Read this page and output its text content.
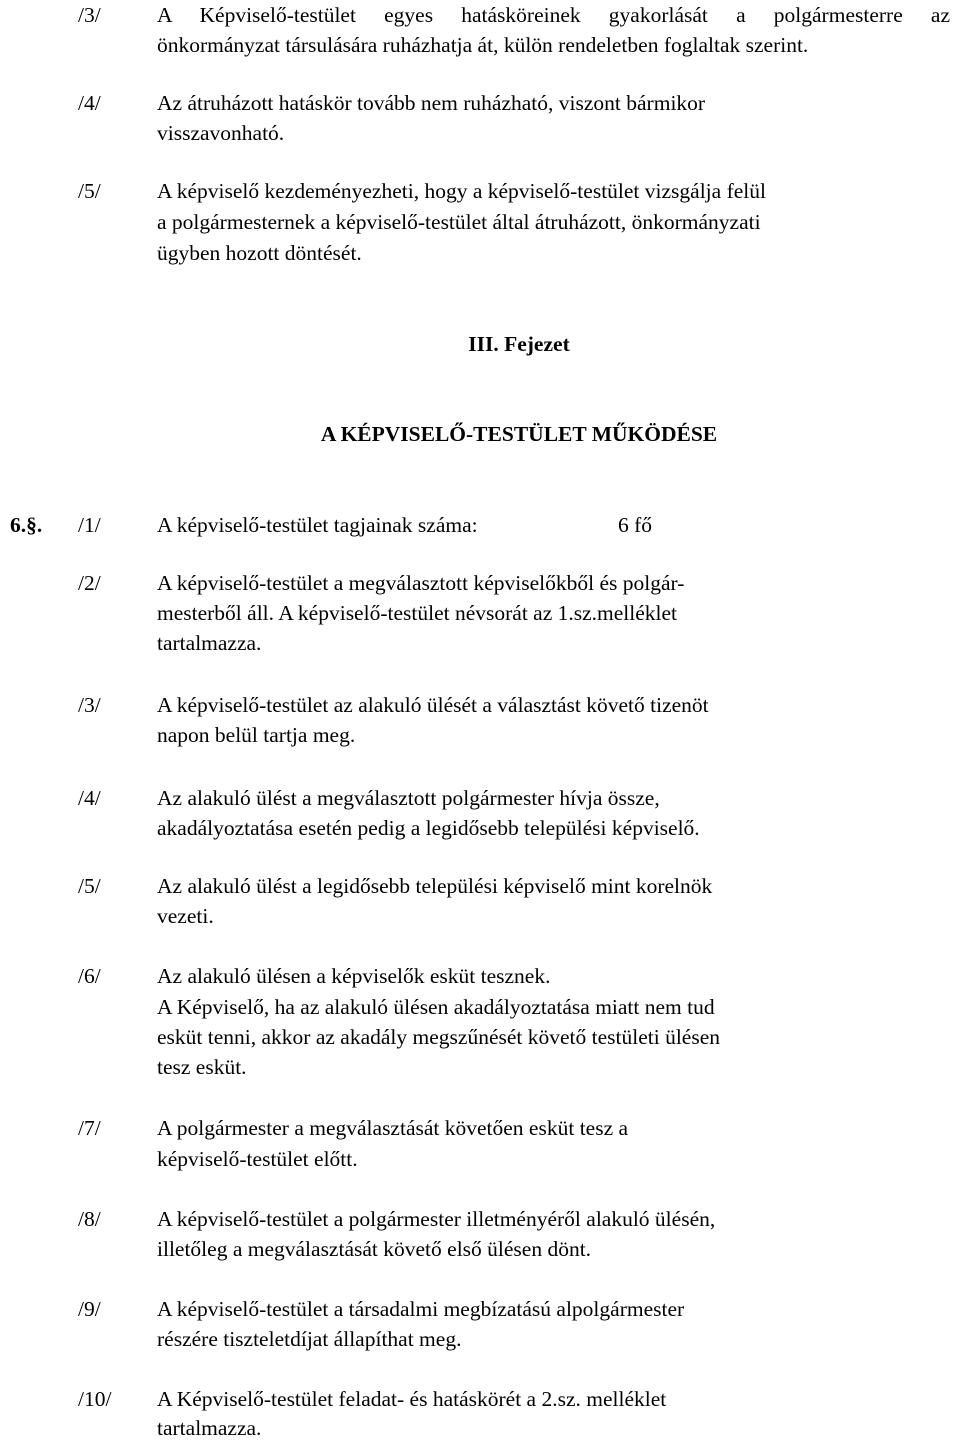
/3/	A Képviselő-testület egyes hatásköreinek gyakorlását a polgármesterre az
önkormányzat társulására ruházhatja át, külön rendeletben foglaltak szerint.
/4/	Az átruházott hatáskör tovább nem ruházható, viszont bármikor
visszavonható.
/5/	A képviselő kezdeményezheti, hogy a képviselő-testület vizsgálja felül
a polgármesternek a képviselő-testület által átruházott, önkormányzati
ügyben hozott döntését.
III. Fejezet
A KÉPVISELŐ-TESTÜLET MŰKÖDÉSE
6.§. /1/	A képviselő-testület tagjainak száma:	6 fő
/2/	A képviselő-testület a megválasztott képviselőkből és polgár-
mesterből áll. A képviselő-testület névsorát az 1.sz.melléklet
tartalmazza.
/3/	A képviselő-testület az alakuló ülését a választást követő tizenöt
napon belül tartja meg.
/4/	Az alakuló ülést a megválasztott polgármester hívja össze,
akadályoztatása esetén pedig a legidősebb települési képviselő.
/5/	Az alakuló ülést a legidősebb települési képviselő mint korelnök
vezeti.
/6/	Az alakuló ülésen a képviselők esküt tesznek.
A Képviselő, ha az alakuló ülésen akadályoztatása miatt nem tud
esküt tenni, akkor az akadály megszűnését követő testületi ülésen
tesz esküt.
/7/	A polgármester a megválasztását követően esküt tesz a
képviselő-testület előtt.
/8/	A képviselő-testület a polgármester illetményéről alakuló ülésén,
illetőleg a megválasztását követő első ülésen dönt.
/9/	A képviselő-testület a társadalmi megbízatású alpolgármester
részére tiszteletdíjat állapíthat meg.
/10/ A Képviselő-testület feladat- és hatáskörét a 2.sz. melléklet
tartalmazza.
